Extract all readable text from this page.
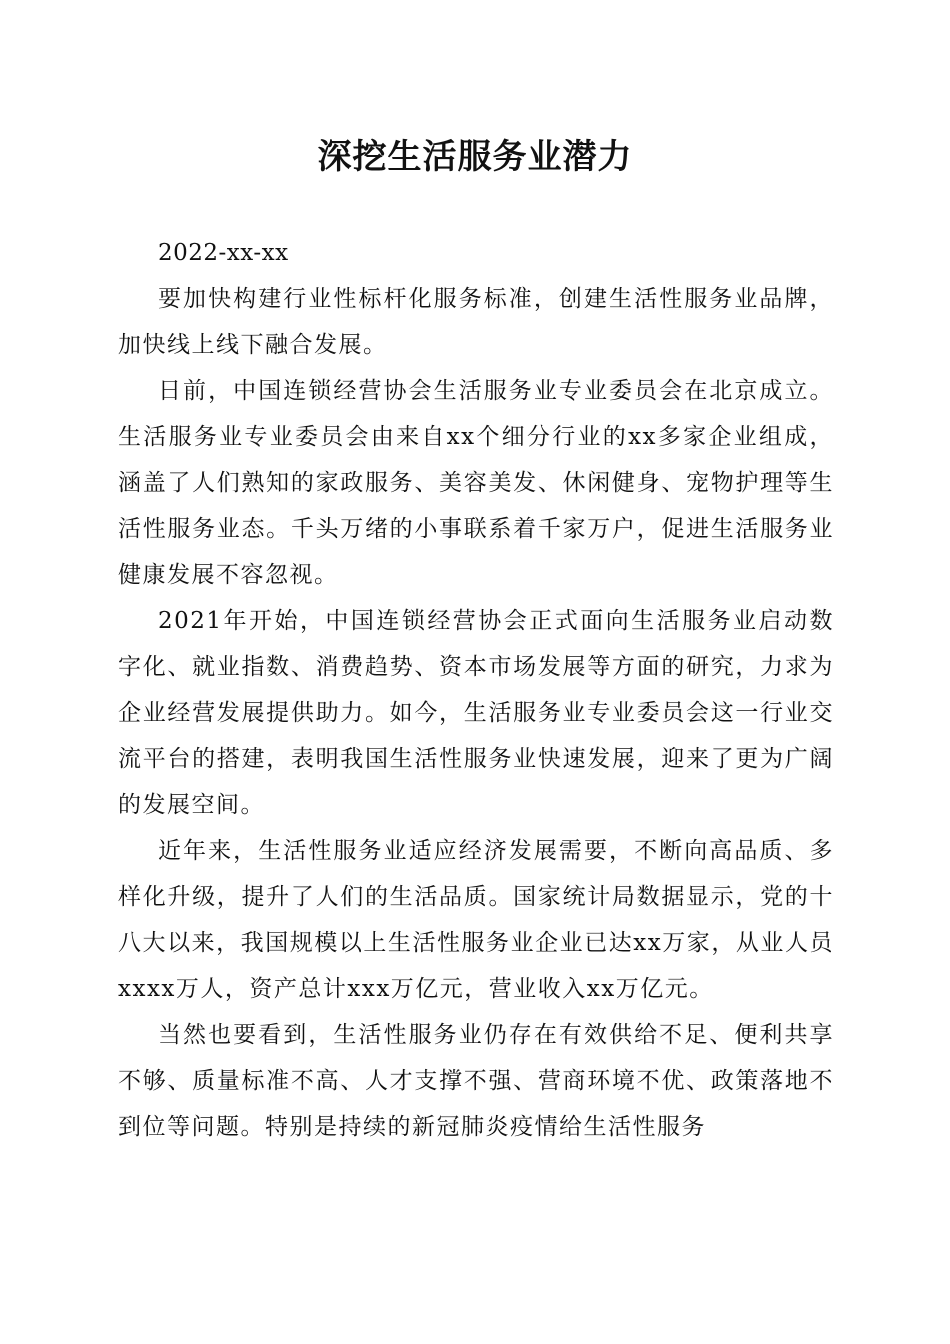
深挖生活服务业潜力

2022-xx-xx

要加快构建行业性标杆化服务标准，创建生活性服务业品牌，加快线上线下融合发展。

日前，中国连锁经营协会生活服务业专业委员会在北京成立。生活服务业专业委员会由来自xx个细分行业的xx多家企业组成，涵盖了人们熟知的家政服务、美容美发、休闲健身、宠物护理等生活性服务业态。千头万绪的小事联系着千家万户，促进生活服务业健康发展不容忽视。

2021年开始，中国连锁经营协会正式面向生活服务业启动数字化、就业指数、消费趋势、资本市场发展等方面的研究，力求为企业经营发展提供助力。如今，生活服务业专业委员会这一行业交流平台的搭建，表明我国生活性服务业快速发展，迎来了更为广阔的发展空间。

近年来，生活性服务业适应经济发展需要，不断向高品质、多样化升级，提升了人们的生活品质。国家统计局数据显示，党的十八大以来，我国规模以上生活性服务业企业已达xx万家，从业人员xxxx万人，资产总计xxx万亿元，营业收入xx万亿元。

当然也要看到，生活性服务业仍存在有效供给不足、便利共享不够、质量标准不高、人才支撑不强、营商环境不优、政策落地不到位等问题。特别是持续的新冠肺炎疫情给生活性服务
